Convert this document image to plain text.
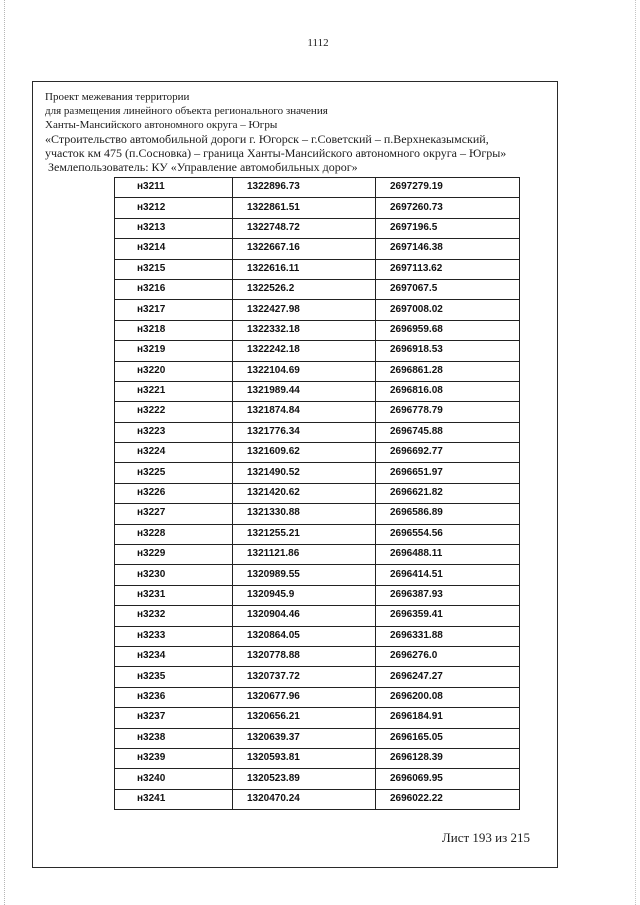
1112
Проект межевания территории
для размещения линейного объекта регионального значения
Ханты-Мансийского автономного округа – Югры
«Строительство автомобильной дороги г. Югорск – г.Советский – п.Верхнеказымский,
участок км 475 (п.Сосновка) – граница Ханты-Мансийского автономного округа – Югры»
Землепользователь: КУ «Управление автомобильных дорог»
н3211	1322896.73	2697279.19
н3212	1322861.51	2697260.73
н3213	1322748.72	2697196.5
н3214	1322667.16	2697146.38
н3215	1322616.11	2697113.62
н3216	1322526.2	2697067.5
н3217	1322427.98	2697008.02
н3218	1322332.18	2696959.68
н3219	1322242.18	2696918.53
н3220	1322104.69	2696861.28
н3221	1321989.44	2696816.08
н3222	1321874.84	2696778.79
н3223	1321776.34	2696745.88
н3224	1321609.62	2696692.77
н3225	1321490.52	2696651.97
н3226	1321420.62	2696621.82
н3227	1321330.88	2696586.89
н3228	1321255.21	2696554.56
н3229	1321121.86	2696488.11
н3230	1320989.55	2696414.51
н3231	1320945.9	2696387.93
н3232	1320904.46	2696359.41
н3233	1320864.05	2696331.88
н3234	1320778.88	2696276.0
н3235	1320737.72	2696247.27
н3236	1320677.96	2696200.08
н3237	1320656.21	2696184.91
н3238	1320639.37	2696165.05
н3239	1320593.81	2696128.39
н3240	1320523.89	2696069.95
н3241	1320470.24	2696022.22
Лист 193 из 215
